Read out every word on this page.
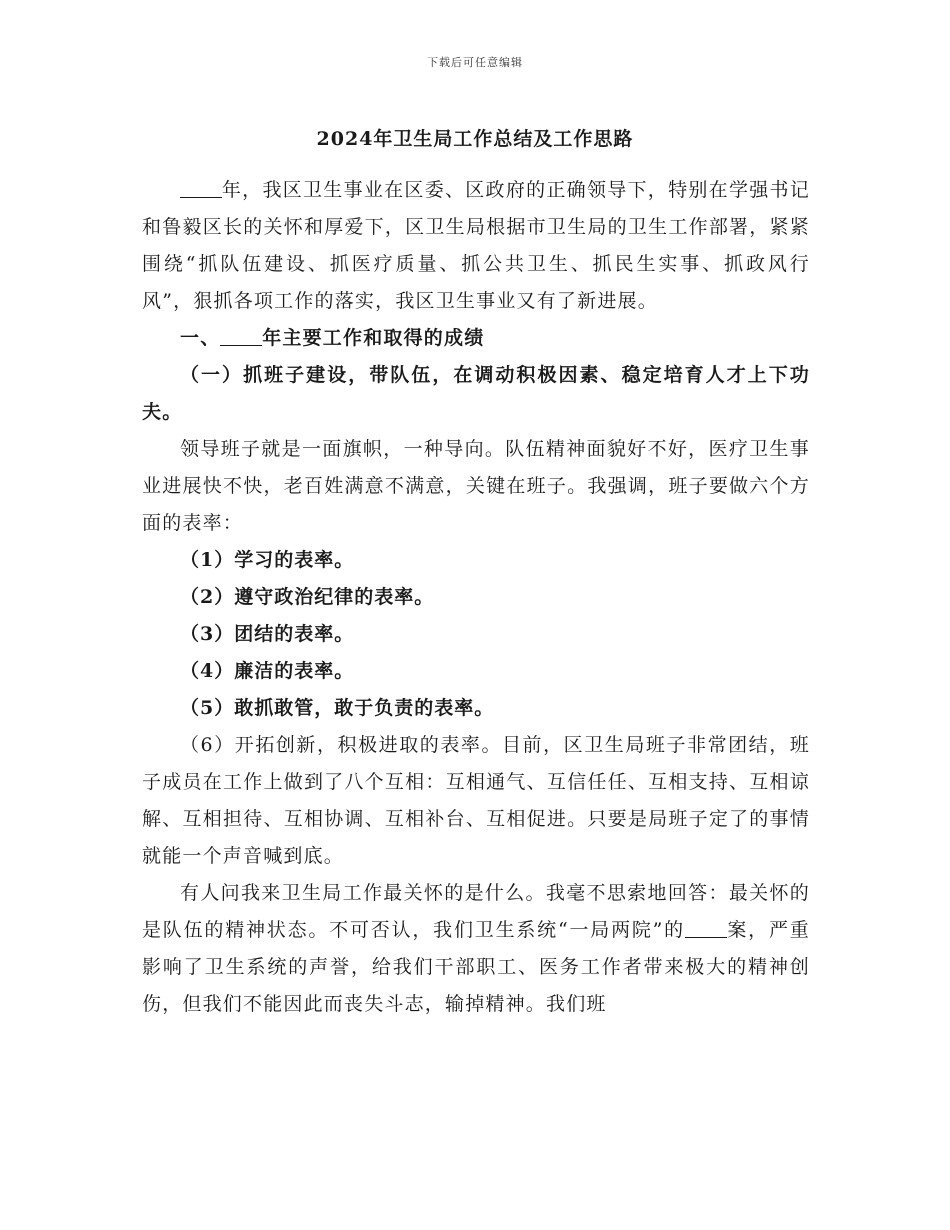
下载后可任意编辑
2024年卫生局工作总结及工作思路

年，我区卫生事业在区委、区政府的正确领导下，特别在学强书记和鲁毅区长的关怀和厚爱下，区卫生局根据市卫生局的卫生工作部署，紧紧围绕“抓队伍建设、抓医疗质量、抓公共卫生、抓民生实事、抓政风行风”，狠抓各项工作的落实，我区卫生事业又有了新进展。

一、 年主要工作和取得的成绩

（一）抓班子建设，带队伍，在调动积极因素、稳定培育人才上下功夫。

领导班子就是一面旗帜，一种导向。队伍精神面貌好不好，医疗卫生事业进展快不快，老百姓满意不满意，关键在班子。我强调，班子要做六个方面的表率：

（1）学习的表率。

（2）遵守政治纪律的表率。

（3）团结的表率。

（4）廉洁的表率。

（5）敢抓敢管，敢于负责的表率。

（6）开拓创新，积极进取的表率。目前，区卫生局班子非常团结，班子成员在工作上做到了八个互相：互相通气、互信任任、互相支持、互相谅解、互相担待、互相协调、互相补台、互相促进。只要是局班子定了的事情就能一个声音喊到底。

有人问我来卫生局工作最关怀的是什么。我毫不思索地回答：最关怀的是队伍的精神状态。不可否认，我们卫生系统“一局两院”的 案，严重影响了卫生系统的声誉，给我们干部职工、医务工作者带来极大的精神创伤，但我们不能因此而丧失斗志，输掉精神。我们班
